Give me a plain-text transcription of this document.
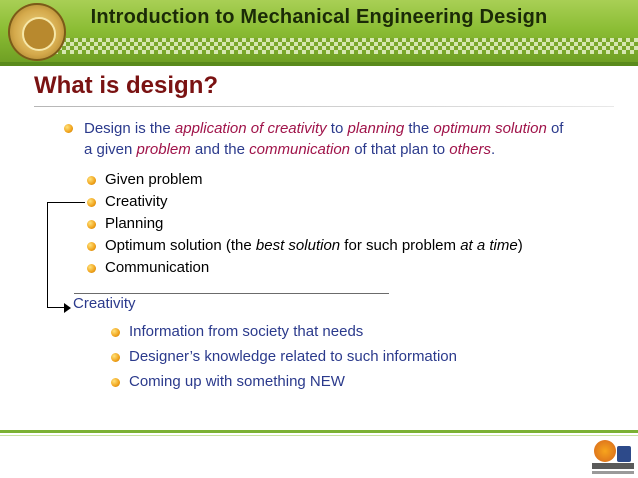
Introduction to Mechanical Engineering Design
What is design?
Design is the application of creativity to planning the optimum solution of
a given problem and the communication of that plan to others.
Given problem
Creativity
Planning
Optimum solution (the best solution for such problem at a time)
Communication
Creativity
Information from society that needs
Designer’s knowledge related to such information
Coming up with something NEW
